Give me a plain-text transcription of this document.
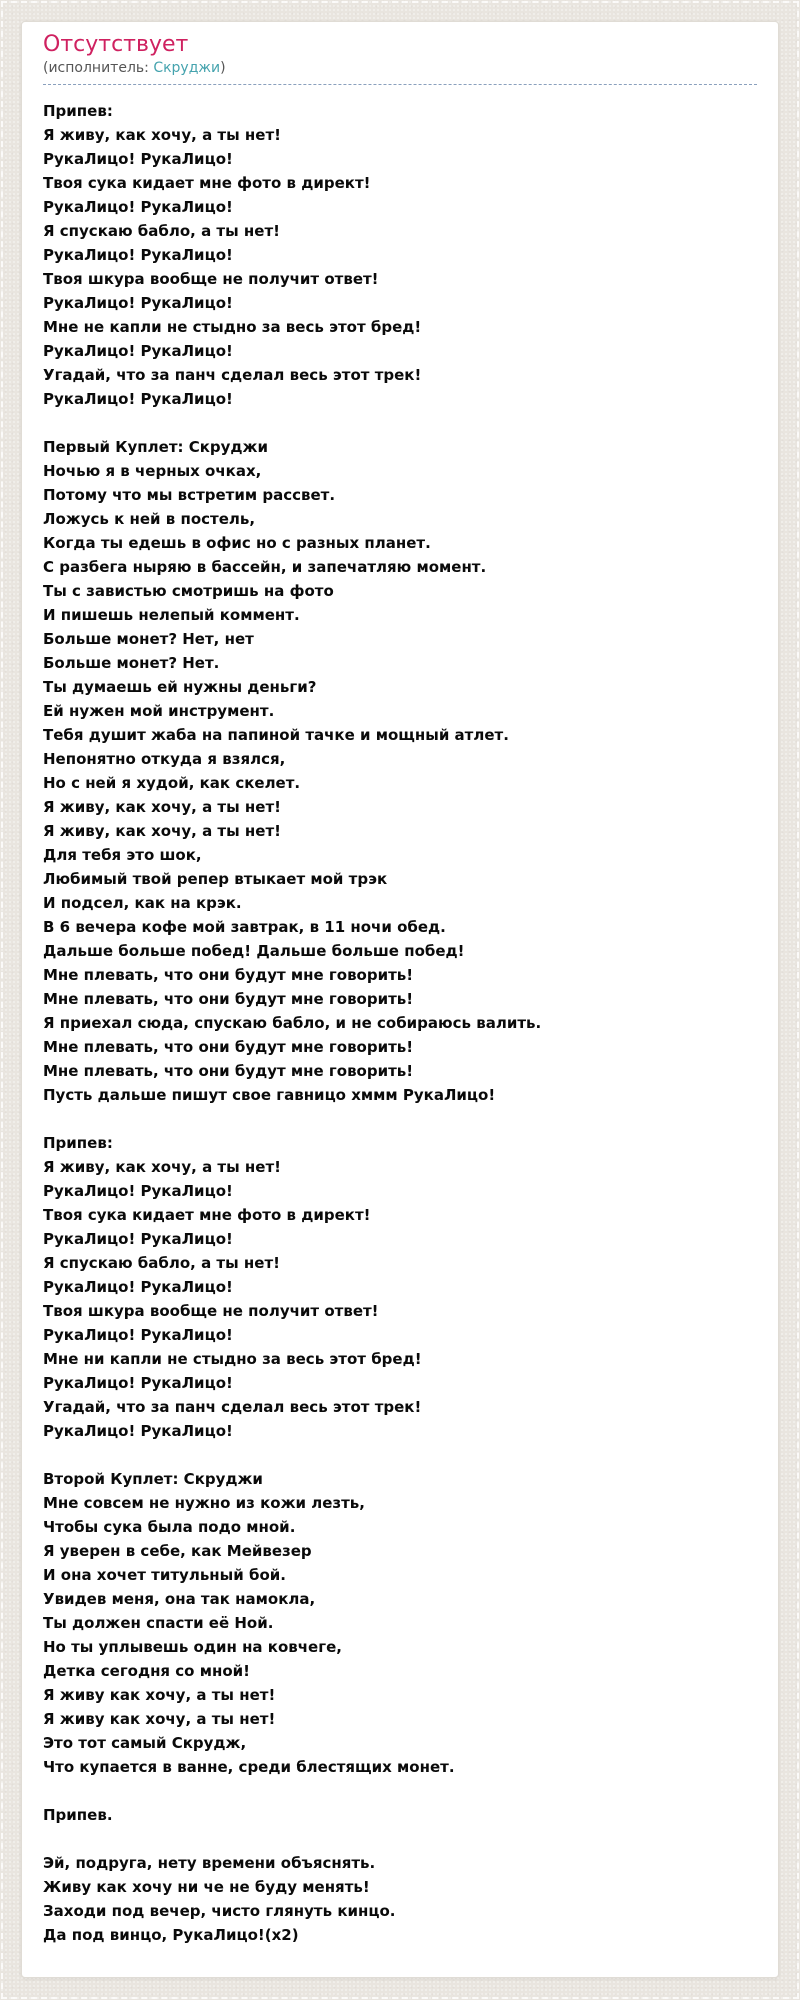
Отсутствует
(исполнитель: Скруджи)
Припев:
Я живу, как хочу, а ты нет!
РукаЛицо! РукаЛицо!
Твоя сука кидает мне фото в директ!
РукаЛицо! РукаЛицо!
Я спускаю бабло, а ты нет!
РукаЛицо! РукаЛицо!
Твоя шкура вообще не получит ответ!
РукаЛицо! РукаЛицо!
Мне не капли не стыдно за весь этот бред!
РукаЛицо! РукаЛицо!
Угадай, что за панч сделал весь этот трек!
РукаЛицо! РукаЛицо!
Первый Куплет: Скруджи
Ночью я в черных очках,
Потому что мы встретим рассвет.
Ложусь к ней в постель,
Когда ты едешь в офис но с разных планет.
С разбега ныряю в бассейн, и запечатляю момент.
Ты с завистью смотришь на фото
И пишешь нелепый коммент.
Больше монет? Нет, нет
Больше монет? Нет.
Ты думаешь ей нужны деньги?
Ей нужен мой инструмент.
Тебя душит жаба на папиной тачке и мощный атлет.
Непонятно откуда я взялся,
Но с ней я худой, как скелет.
Я живу, как хочу, а ты нет!
Я живу, как хочу, а ты нет!
Для тебя это шок,
Любимый твой репер втыкает мой трэк
И подсел, как на крэк.
В 6 вечера кофе мой завтрак, в 11 ночи обед.
Дальше больше побед! Дальше больше побед!
Мне плевать, что они будут мне говорить!
Мне плевать, что они будут мне говорить!
Я приехал сюда, спускаю бабло, и не собираюсь валить.
Мне плевать, что они будут мне говорить!
Мне плевать, что они будут мне говорить!
Пусть дальше пишут свое гавницо хммм РукаЛицо!
Припев:
Я живу, как хочу, а ты нет!
РукаЛицо! РукаЛицо!
Твоя сука кидает мне фото в директ!
РукаЛицо! РукаЛицо!
Я спускаю бабло, а ты нет!
РукаЛицо! РукаЛицо!
Твоя шкура вообще не получит ответ!
РукаЛицо! РукаЛицо!
Мне ни капли не стыдно за весь этот бред!
РукаЛицо! РукаЛицо!
Угадай, что за панч сделал весь этот трек!
РукаЛицо! РукаЛицо!
Второй Куплет: Скруджи
Мне совсем не нужно из кожи лезть,
Чтобы сука была подо мной.
Я уверен в себе, как Мейвезер
И она хочет титульный бой.
Увидев меня, она так намокла,
Ты должен спасти её Ной.
Но ты уплывешь один на ковчеге,
Детка сегодня со мной!
Я живу как хочу, а ты нет!
Я живу как хочу, а ты нет!
Это тот самый Скрудж,
Что купается в ванне, среди блестящих монет.
Припев.
Эй, подруга, нету времени объяснять.
Живу как хочу ни че не буду менять!
Заходи под вечер, чисто глянуть кинцо.
Да под винцо, РукаЛицо!(х2)
